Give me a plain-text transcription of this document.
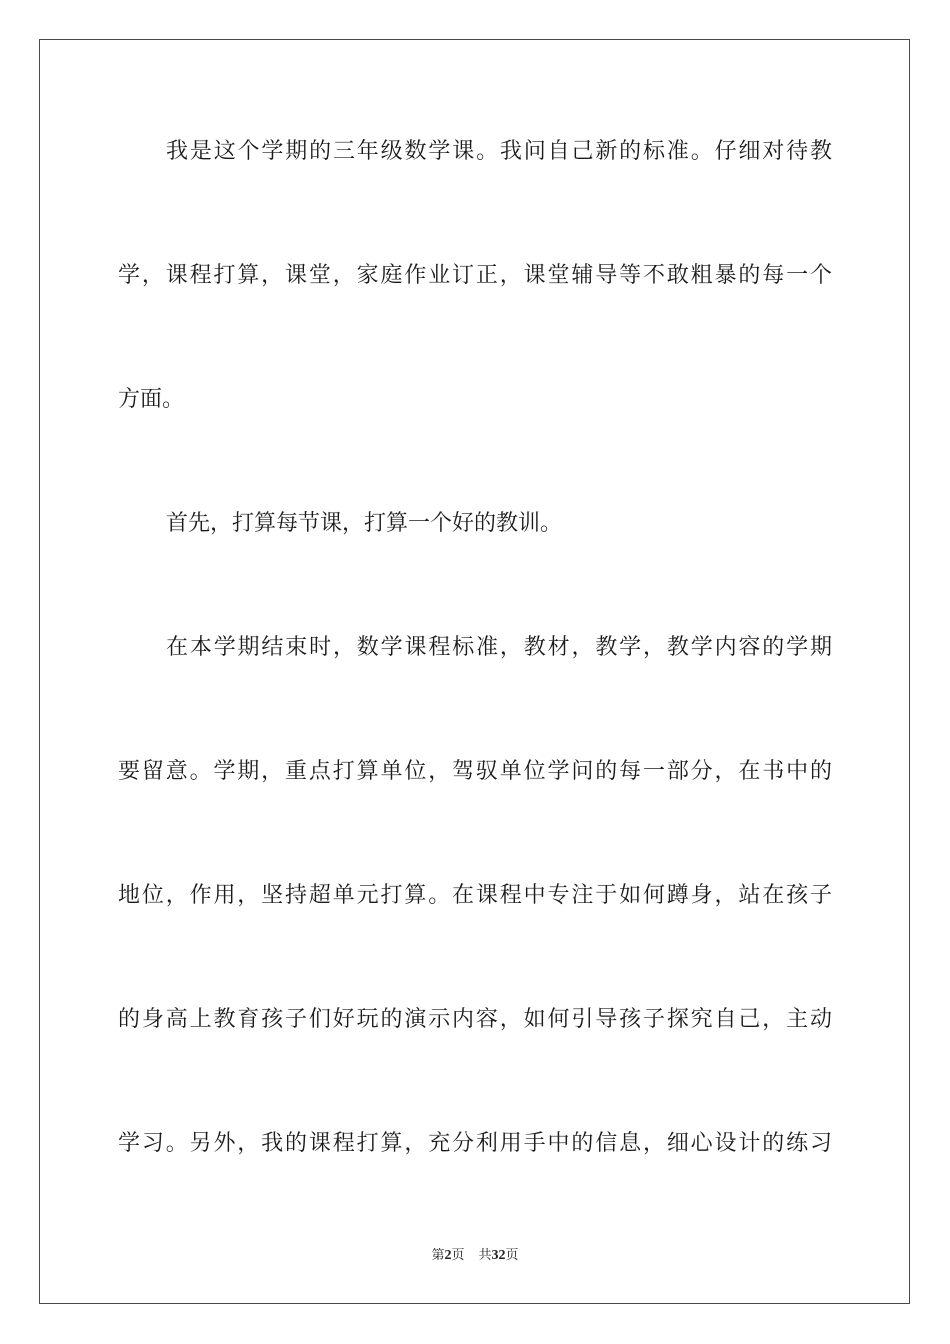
我是这个学期的三年级数学课。我问自己新的标准。仔细对待教
学，课程打算，课堂，家庭作业订正，课堂辅导等不敢粗暴的每一个
方面。
首先，打算每节课，打算一个好的教训。
在本学期结束时，数学课程标准，教材，教学，教学内容的学期
要留意。学期，重点打算单位，驾驭单位学问的每一部分，在书中的
地位，作用，坚持超单元打算。在课程中专注于如何蹲身，站在孩子
的身高上教育孩子们好玩的演示内容，如何引导孩子探究自己，主动
学习。另外，我的课程打算，充分利用手中的信息，细心设计的练习
第2页 共32页
